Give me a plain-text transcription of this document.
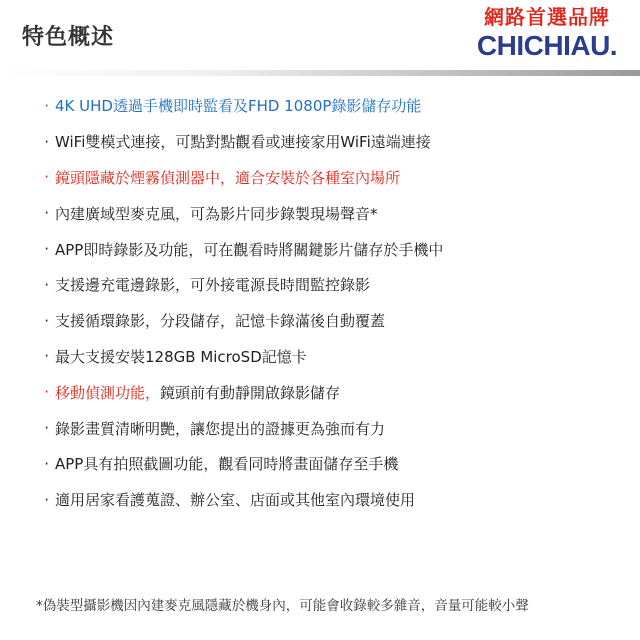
特色概述
網路首選品牌
CHICHIAU.
· 4K UHD透過手機即時監看及FHD 1080P錄影儲存功能
· WiFi雙模式連接，可點對點觀看或連接家用WiFi遠端連接
· 鏡頭隱藏於煙霧偵測器中，適合安裝於各種室內場所
· 內建廣域型麥克風，可為影片同步錄製現場聲音*
· APP即時錄影及功能，可在觀看時將關鍵影片儲存於手機中
· 支援邊充電邊錄影，可外接電源長時間監控錄影
· 支援循環錄影，分段儲存，記憶卡錄滿後自動覆蓋
· 最大支援安裝128GB MicroSD記憶卡
· 移動偵測功能，鏡頭前有動靜開啟錄影儲存
· 錄影畫質清晰明艷，讓您提出的證據更為強而有力
· APP具有拍照截圖功能，觀看同時將畫面儲存至手機
· 適用居家看護蒐證、辦公室、店面或其他室內環境使用

*偽裝型攝影機因內建麥克風隱藏於機身內，可能會收錄較多雜音，音量可能較小聲
